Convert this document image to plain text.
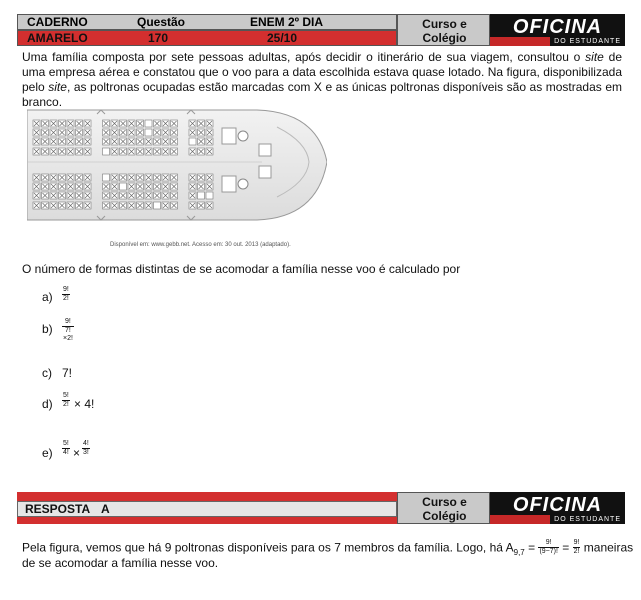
CADERNO	Questão	ENEM 2º DIA
AMARELO	170	25/10
Curso e
Colégio	OFICINA
DO ESTUDANTE
Uma família composta por sete pessoas adultas, após decidir o itinerário de sua viagem, consultou o site de uma empresa aérea e constatou que o voo para a data escolhida estava quase lotado. Na figura, disponibilizada pelo site, as poltronas ocupadas estão marcadas com X e as únicas poltronas disponíveis são as mostradas em branco.
Disponível em: www.gebb.net. Acesso em: 30 out. 2013 (adaptado).
O número de formas distintas de se acomodar a família nesse voo é calculado por
$a) \frac{9!}{2!}$
$b) \frac{9!}{7!\times 2!}$
c) 7!
$d) \frac{5!}{2!} \times 4$!
$e) \frac{5!}{4!} \times \frac{4!}{3!}$
RESPOSTA A	Curso e
Colégio	OFICINA
DO ESTUDANTE
Pela figura, vemos que há 9 poltronas disponíveis para os 7 membros da família. Logo, há $A_{9,7} = \frac{9!}{(9-7)!} = \frac{9!}{2!}$ maneiras
de se acomodar a família nesse voo.
